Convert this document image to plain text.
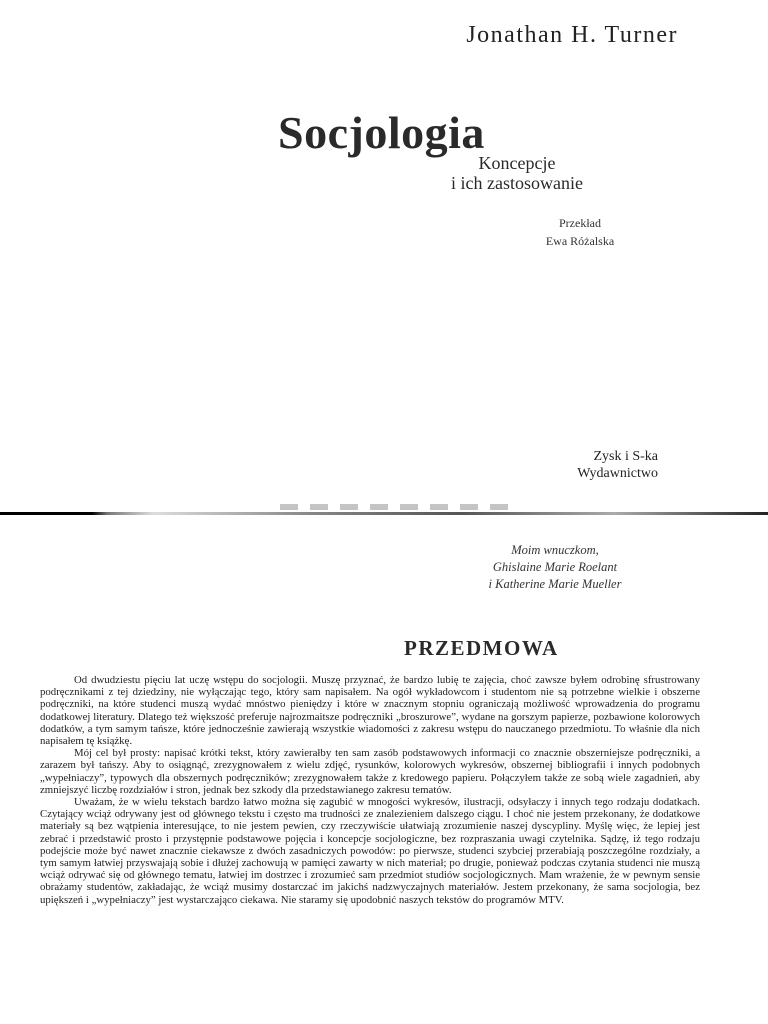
Jonathan H. Turner
Socjologia
Koncepcje
i ich zastosowanie
Przekład
Ewa Różalska
Zysk i S-ka
Wydawnictwo
Moim wnuczkom,
Ghislaine Marie Roelant
i Katherine Marie Mueller
PRZEDMOWA

Od dwudziestu pięciu lat uczę wstępu do socjologii. Muszę przyznać, że bardzo lubię te zajęcia, choć zawsze byłem odrobinę sfrustrowany podręcznikami z tej dziedziny, nie wyłączając tego, który sam napisałem. Na ogół wykładowcom i studentom nie są potrzebne wielkie i obszerne podręczniki, na które studenci muszą wydać mnóstwo pieniędzy i które w znacznym stopniu ograniczają możliwość wprowadzenia do programu dodatkowej literatury. Dlatego też większość preferuje najrozmaitsze podręczniki „broszurowe”, wydane na gorszym papierze, pozbawione kolorowych dodatków, a tym samym tańsze, które jednocześnie zawierają wszystkie wiadomości z zakresu wstępu do nauczanego przedmiotu. To właśnie dla nich napisałem tę książkę.

Mój cel był prosty: napisać krótki tekst, który zawierałby ten sam zasób podstawowych informacji co znacznie obszerniejsze podręczniki, a zarazem był tańszy. Aby to osiągnąć, zrezygnowałem z wielu zdjęć, rysunków, kolorowych wykresów, obszernej bibliografii i innych podobnych „wypełniaczy”, typowych dla obszernych podręczników; zrezygnowałem także z kredowego papieru. Połączyłem także ze sobą wiele zagadnień, aby zmniejszyć liczbę rozdziałów i stron, jednak bez szkody dla przedstawianego zakresu tematów.

Uważam, że w wielu tekstach bardzo łatwo można się zagubić w mnogości wykresów, ilustracji, odsyłaczy i innych tego rodzaju dodatkach. Czytający wciąż odrywany jest od głównego tekstu i często ma trudności ze znalezieniem dalszego ciągu. I choć nie jestem przekonany, że dodatkowe materiały są bez wątpienia interesujące, to nie jestem pewien, czy rzeczywiście ułatwiają zrozumienie naszej dyscypliny. Myślę więc, że lepiej jest zebrać i przedstawić prosto i przystępnie podstawowe pojęcia i koncepcje socjologiczne, bez rozpraszania uwagi czytelnika. Sądzę, iż tego rodzaju podejście może być nawet znacznie ciekawsze z dwóch zasadniczych powodów: po pierwsze, studenci szybciej przerabiają poszczególne rozdziały, a tym samym łatwiej przyswajają sobie i dłużej zachowują w pamięci zawarty w nich materiał; po drugie, ponieważ podczas czytania studenci nie muszą wciąż odrywać się od głównego tematu, łatwiej im dostrzec i zrozumieć sam przedmiot studiów socjologicznych. Mam wrażenie, że w pewnym sensie obrażamy studentów, zakładając, że wciąż musimy dostarczać im jakichś nadzwyczajnych materiałów. Jestem przekonany, że sama socjologia, bez upiększeń i „wypełniaczy” jest wystarczająco ciekawa. Nie staramy się upodobnić naszych tekstów do programów MTV.
